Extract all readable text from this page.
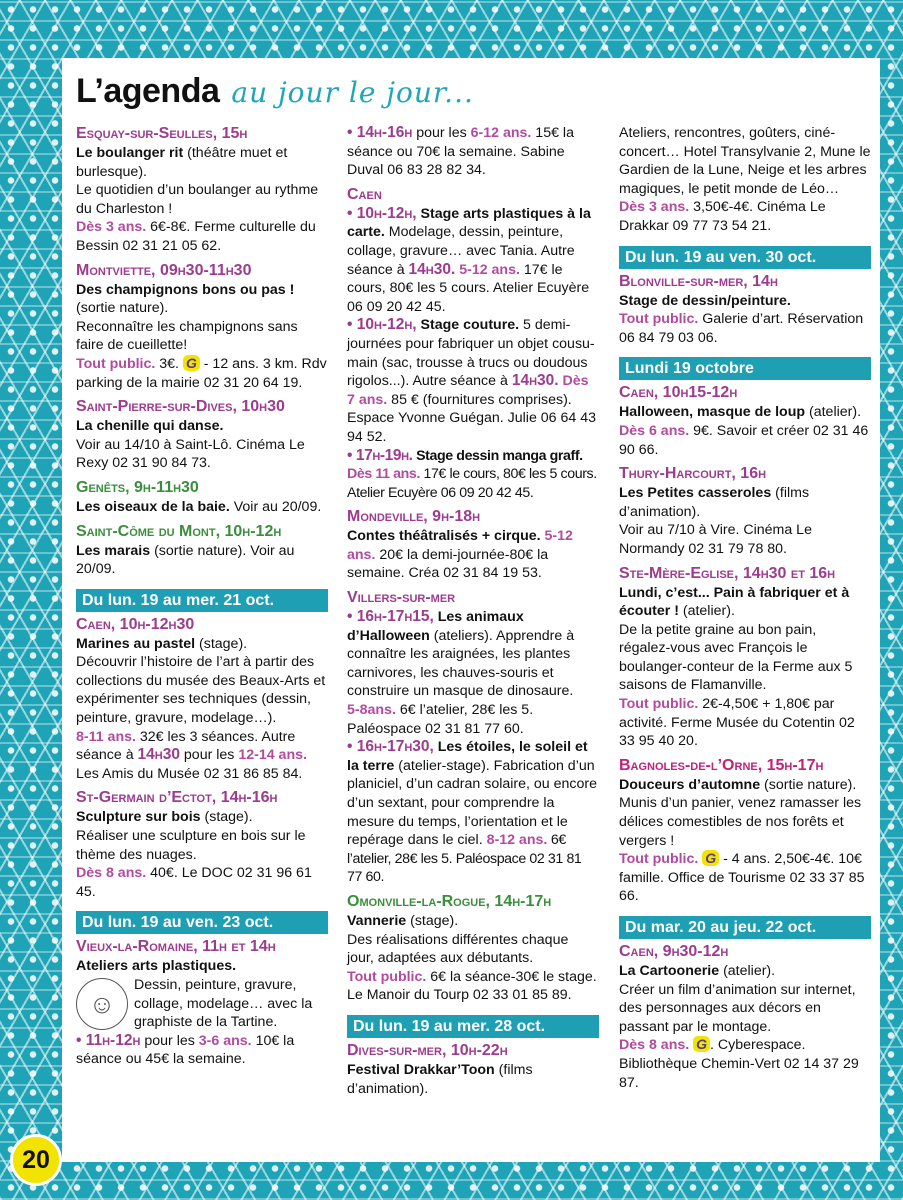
L’agenda au jour le jour...

Esquay-sur-Seulles, 15h

Le boulanger rit (théâtre muet et burlesque).

Le quotidien d’un boulanger au rythme du Charleston !

Dès 3 ans. 6€-8€. Ferme culturelle du Bessin 02 31 21 05 62.

Montviette, 09h30-11h30

Des champignons bons ou pas ! (sortie nature).

Reconnaître les champignons sans faire de cueillette!

Tout public. 3€. G - 12 ans. 3 km. Rdv parking de la mairie 02 31 20 64 19.

Saint-Pierre-sur-Dives, 10h30

La chenille qui danse.

Voir au 14/10 à Saint-Lô. Cinéma Le Rexy 02 31 90 84 73.

Genêts, 9h-11h30

Les oiseaux de la baie. Voir au 20/09.

Saint-Côme du Mont, 10h-12h

Les marais (sortie nature). Voir au 20/09.

Du lun. 19 au mer. 21 oct.

Caen, 10h-12h30

Marines au pastel (stage).

Découvrir l’histoire de l’art à partir des collections du musée des Beaux-Arts et expérimenter ses techniques (dessin, peinture, gravure, modelage…).

8-11 ans. 32€ les 3 séances. Autre séance à 14h30 pour les 12-14 ans. Les Amis du Musée 02 31 86 85 84.

St-Germain d’Ectot, 14h-16h

Sculpture sur bois (stage).

Réaliser une sculpture en bois sur le thème des nuages.

Dès 8 ans. 40€. Le DOC 02 31 96 61 45.

Du lun. 19 au ven. 23 oct.

Vieux-la-Romaine, 11h et 14h

Ateliers arts plastiques.

☺

Dessin, peinture, gravure, collage, modelage… avec la graphiste de la Tartine.

• 11h-12h pour les 3-6 ans. 10€ la séance ou 45€ la semaine.

• 14h-16h pour les 6-12 ans. 15€ la séance ou 70€ la semaine. Sabine Duval 06 83 28 82 34.

Caen

• 10h-12h, Stage arts plastiques à la carte. Modelage, dessin, peinture, collage, gravure… avec Tania. Autre séance à 14h30. 5-12 ans. 17€ le cours, 80€ les 5 cours. Atelier Ecuyère 06 09 20 42 45.

• 10h-12h, Stage couture. 5 demi-journées pour fabriquer un objet cousu-main (sac, trousse à trucs ou doudous rigolos...). Autre séance à 14h30. Dès 7 ans. 85 € (fournitures comprises). Espace Yvonne Guégan. Julie 06 64 43 94 52.

• 17h-19h. Stage dessin manga graff. Dès 11 ans. 17€ le cours, 80€ les 5 cours. Atelier Ecuyère 06 09 20 42 45.

Mondeville, 9h-18h

Contes théâtralisés + cirque. 5-12 ans. 20€ la demi-journée-80€ la semaine. Créa 02 31 84 19 53.

Villers-sur-mer

• 16h-17h15, Les animaux d’Halloween (ateliers). Apprendre à connaître les araignées, les plantes carnivores, les chauves-souris et construire un masque de dinosaure.

5-8ans. 6€ l’atelier, 28€ les 5. Paléospace 02 31 81 77 60.

• 16h-17h30, Les étoiles, le soleil et la terre (atelier-stage). Fabrication d’un planiciel, d’un cadran solaire, ou encore d’un sextant, pour comprendre la mesure du temps, l’orientation et le repérage dans le ciel. 8-12 ans. 6€ l’atelier, 28€ les 5. Paléospace 02 31 81 77 60.

Omonville-la-Rogue, 14h-17h

Vannerie (stage).

Des réalisations différentes chaque jour, adaptées aux débutants.

Tout public. 6€ la séance-30€ le stage. Le Manoir du Tourp 02 33 01 85 89.

Du lun. 19 au mer. 28 oct.

Dives-sur-mer, 10h-22h

Festival Drakkar’Toon (films d’animation).

Ateliers, rencontres, goûters, ciné-concert… Hotel Transylvanie 2, Mune le Gardien de la Lune, Neige et les arbres magiques, le petit monde de Léo…

Dès 3 ans. 3,50€-4€. Cinéma Le Drakkar 09 77 73 54 21.

Du lun. 19 au ven. 30 oct.

Blonville-sur-mer, 14h

Stage de dessin/peinture.

Tout public. Galerie d’art. Réservation 06 84 79 03 06.

Lundi 19 octobre

Caen, 10h15-12h

Halloween, masque de loup (atelier).

Dès 6 ans. 9€. Savoir et créer 02 31 46 90 66.

Thury-Harcourt, 16h

Les Petites casseroles (films d’animation).

Voir au 7/10 à Vire. Cinéma Le Normandy 02 31 79 78 80.

Ste-Mère-Eglise, 14h30 et 16h

Lundi, c’est... Pain à fabriquer et à écouter ! (atelier).

De la petite graine au bon pain, régalez-vous avec François le boulanger-conteur de la Ferme aux 5 saisons de Flamanville.

Tout public. 2€-4,50€ + 1,80€ par activité. Ferme Musée du Cotentin 02 33 95 40 20.

Bagnoles-de-l’Orne, 15h-17h

Douceurs d’automne (sortie nature).

Munis d’un panier, venez ramasser les délices comestibles de nos forêts et vergers !

Tout public. G - 4 ans. 2,50€-4€. 10€ famille. Office de Tourisme 02 33 37 85 66.

Du mar. 20 au jeu. 22 oct.

Caen, 9h30-12h

La Cartoonerie (atelier).

Créer un film d’animation sur internet, des personnages aux décors en passant par le montage.

Dès 8 ans. G . Cyberespace. Bibliothèque Chemin-Vert 02 14 37 29 87.

20
